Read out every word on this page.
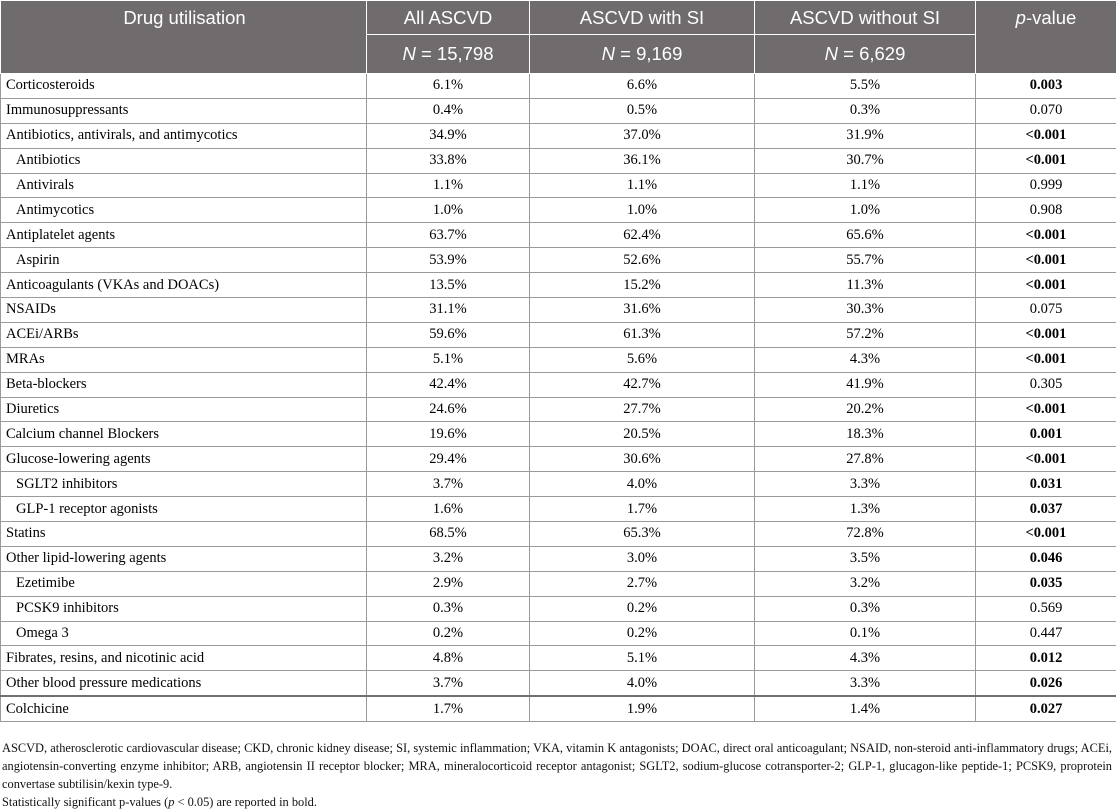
Drug utilisation	All ASCVD	ASCVD with SI	ASCVD without SI	p-value
	N = 15,798	N = 9,169	N = 6,629	
Corticosteroids	6.1%	6.6%	5.5%	0.003
Immunosuppressants	0.4%	0.5%	0.3%	0.070
Antibiotics, antivirals, and antimycotics	34.9%	37.0%	31.9%	<0.001
Antibiotics	33.8%	36.1%	30.7%	<0.001
Antivirals	1.1%	1.1%	1.1%	0.999
Antimycotics	1.0%	1.0%	1.0%	0.908
Antiplatelet agents	63.7%	62.4%	65.6%	<0.001
Aspirin	53.9%	52.6%	55.7%	<0.001
Anticoagulants (VKAs and DOACs)	13.5%	15.2%	11.3%	<0.001
NSAIDs	31.1%	31.6%	30.3%	0.075
ACEi/ARBs	59.6%	61.3%	57.2%	<0.001
MRAs	5.1%	5.6%	4.3%	<0.001
Beta-blockers	42.4%	42.7%	41.9%	0.305
Diuretics	24.6%	27.7%	20.2%	<0.001
Calcium channel Blockers	19.6%	20.5%	18.3%	0.001
Glucose-lowering agents	29.4%	30.6%	27.8%	<0.001
SGLT2 inhibitors	3.7%	4.0%	3.3%	0.031
GLP-1 receptor agonists	1.6%	1.7%	1.3%	0.037
Statins	68.5%	65.3%	72.8%	<0.001
Other lipid-lowering agents	3.2%	3.0%	3.5%	0.046
Ezetimibe	2.9%	2.7%	3.2%	0.035
PCSK9 inhibitors	0.3%	0.2%	0.3%	0.569
Omega 3	0.2%	0.2%	0.1%	0.447
Fibrates, resins, and nicotinic acid	4.8%	5.1%	4.3%	0.012
Other blood pressure medications	3.7%	4.0%	3.3%	0.026
Colchicine	1.7%	1.9%	1.4%	0.027

ASCVD, atherosclerotic cardiovascular disease; CKD, chronic kidney disease; SI, systemic inflammation; VKA, vitamin K antagonists; DOAC, direct oral anticoagulant; NSAID, non-steroid anti-inflammatory drugs; ACEi, angiotensin-converting enzyme inhibitor; ARB, angiotensin II receptor blocker; MRA, mineralocorticoid receptor antagonist; SGLT2, sodium-glucose cotransporter-2; GLP-1, glucagon-like peptide-1; PCSK9, proprotein convertase subtilisin/kexin type-9.

Statistically significant p-values (p < 0.05) are reported in bold.
